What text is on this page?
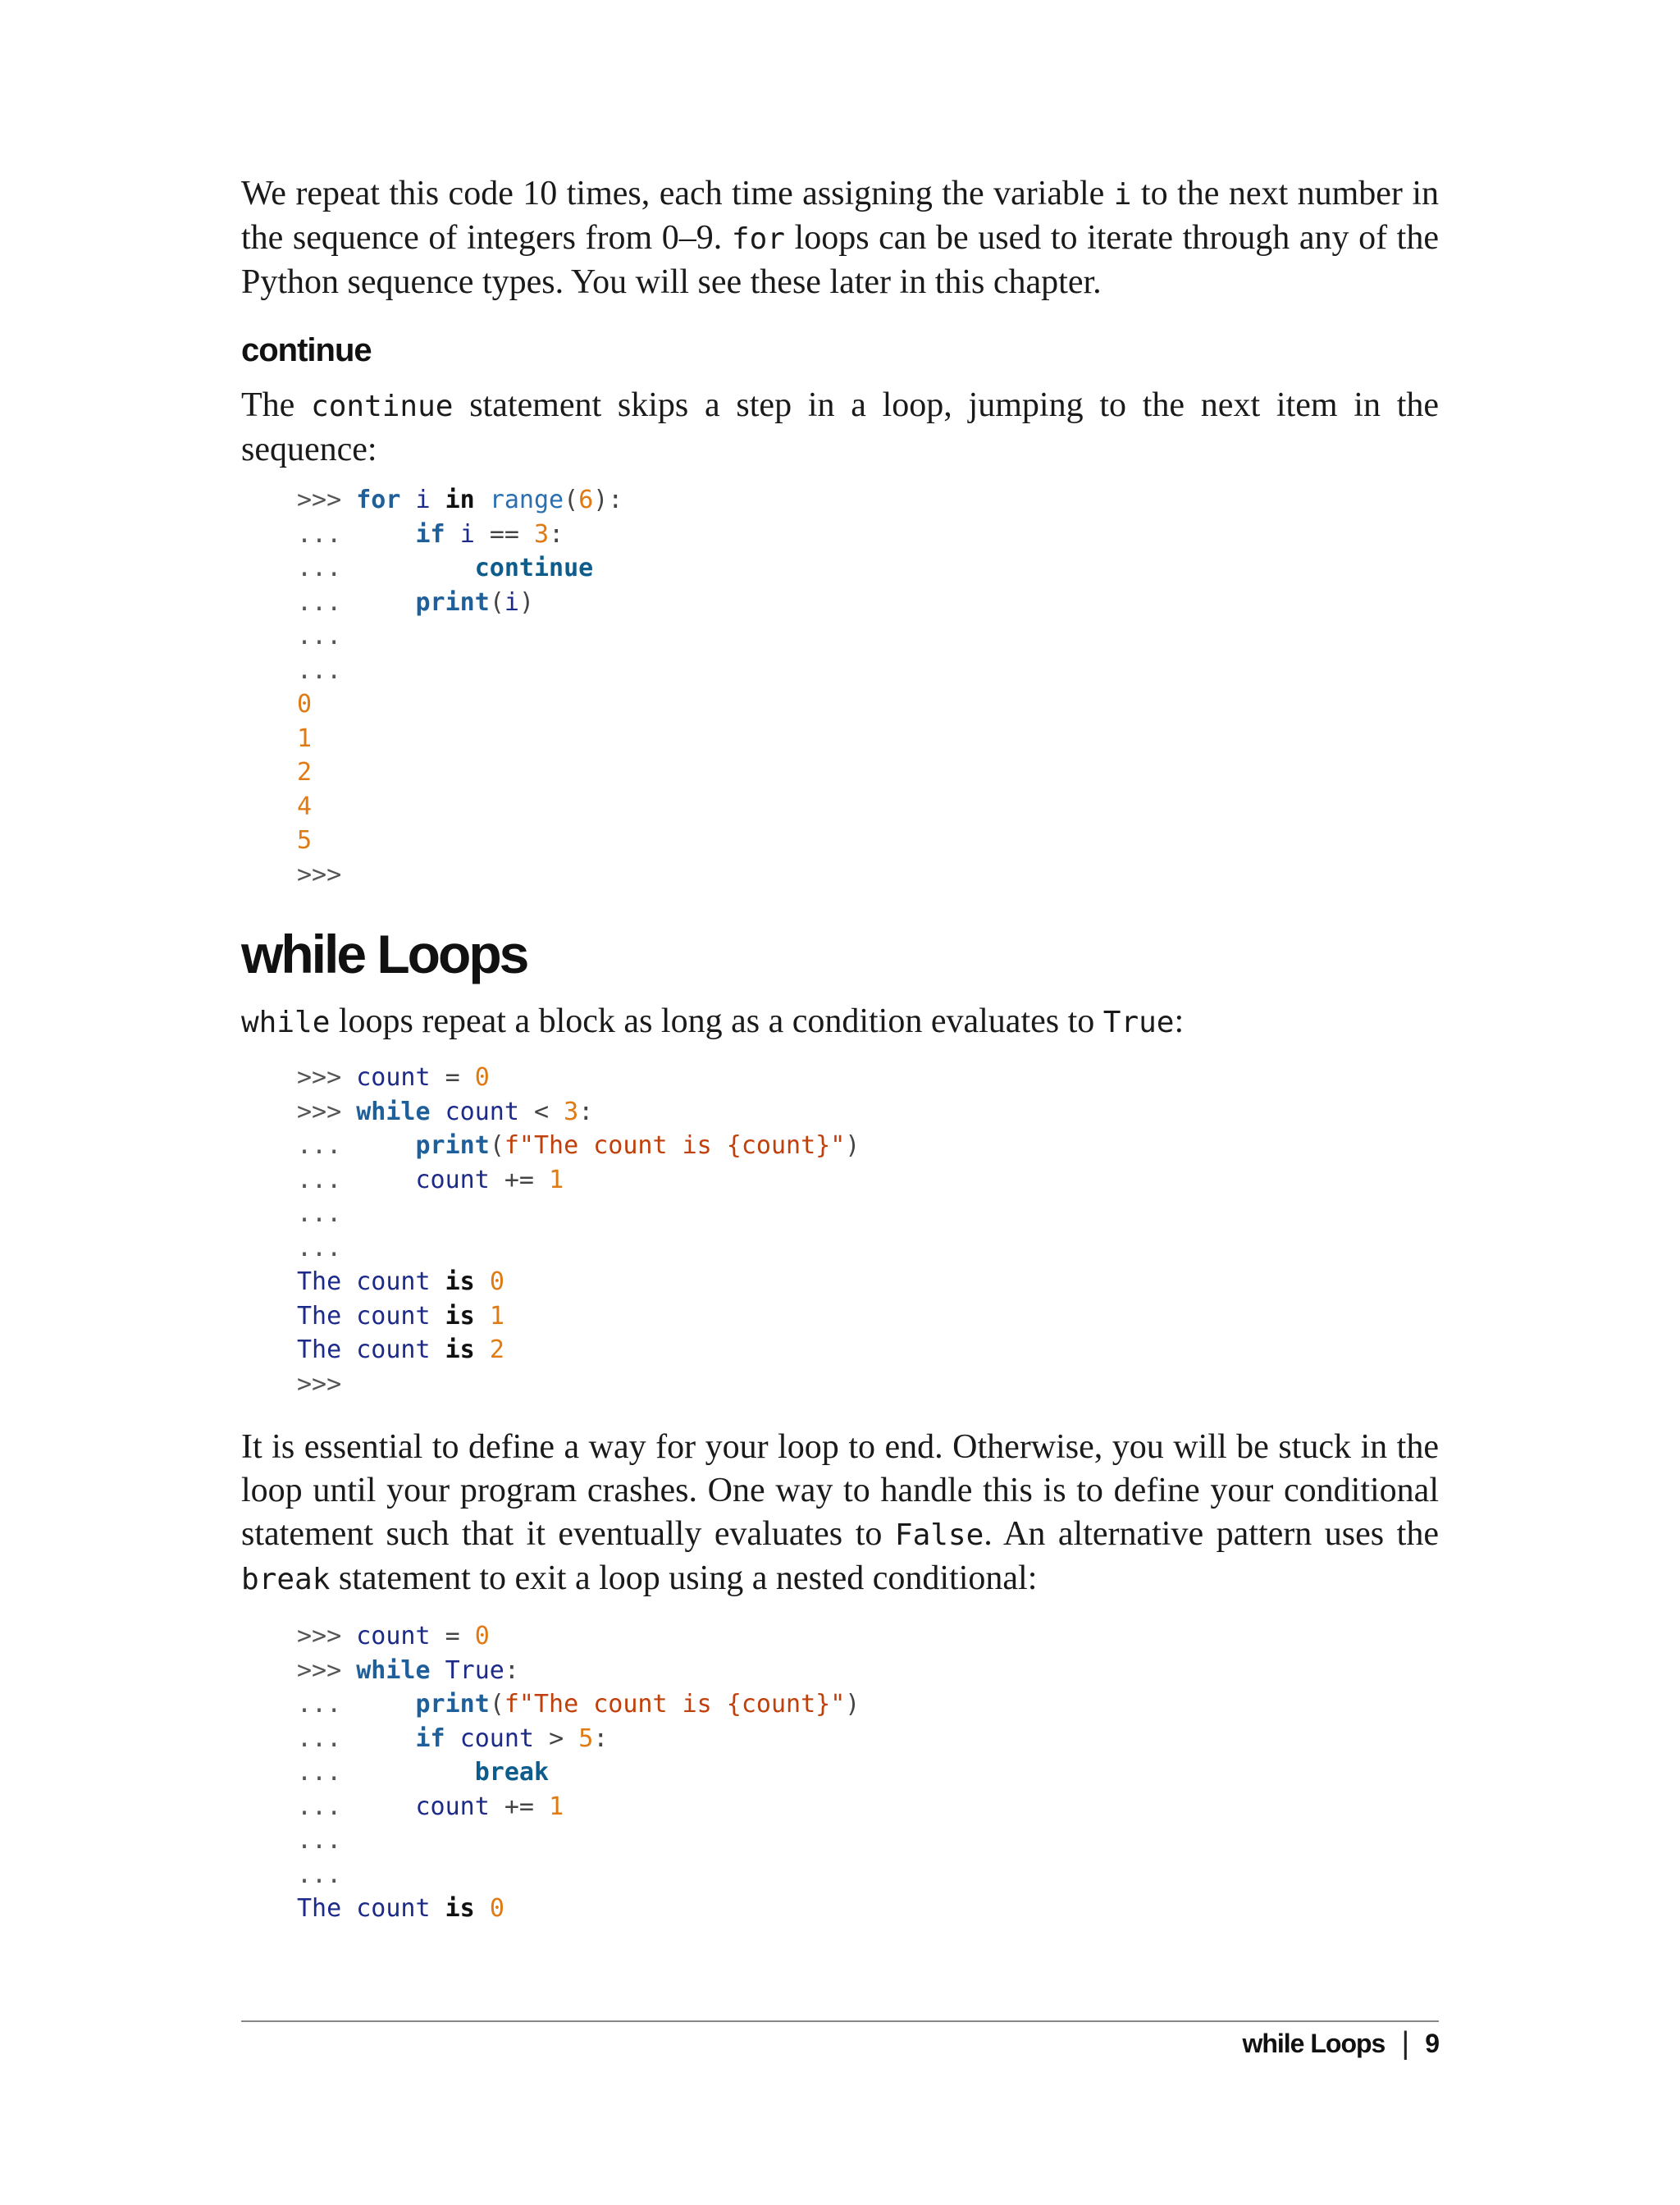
We repeat this code 10 times, each time assigning the variable i to the next number in the sequence of integers from 0–9. for loops can be used to iterate through any of the Python sequence types. You will see these later in this chapter.

continue

The continue statement skips a step in a loop, jumping to the next item in the sequence:

>>> for i in range(6):
...	if i == 3:
...	continue
...	print(i)
...
...
0
1
2
4
5
>>>
while Loops

while loops repeat a block as long as a condition evaluates to True:

>>> count = 0
>>> while count < 3:
...	print(f"The count is {count}")
...	count += 1
...
...
The count is 0
The count is 1
The count is 2
>>>

It is essential to define a way for your loop to end. Otherwise, you will be stuck in the loop until your program crashes. One way to handle this is to define your conditional statement such that it eventually evaluates to False. An alternative pattern uses the break statement to exit a loop using a nested conditional:

>>> count = 0
>>> while True:
...	print(f"The count is {count}")
...	if count > 5:
...	break
...	count += 1
...
...
The count is 0
while Loops | 9
